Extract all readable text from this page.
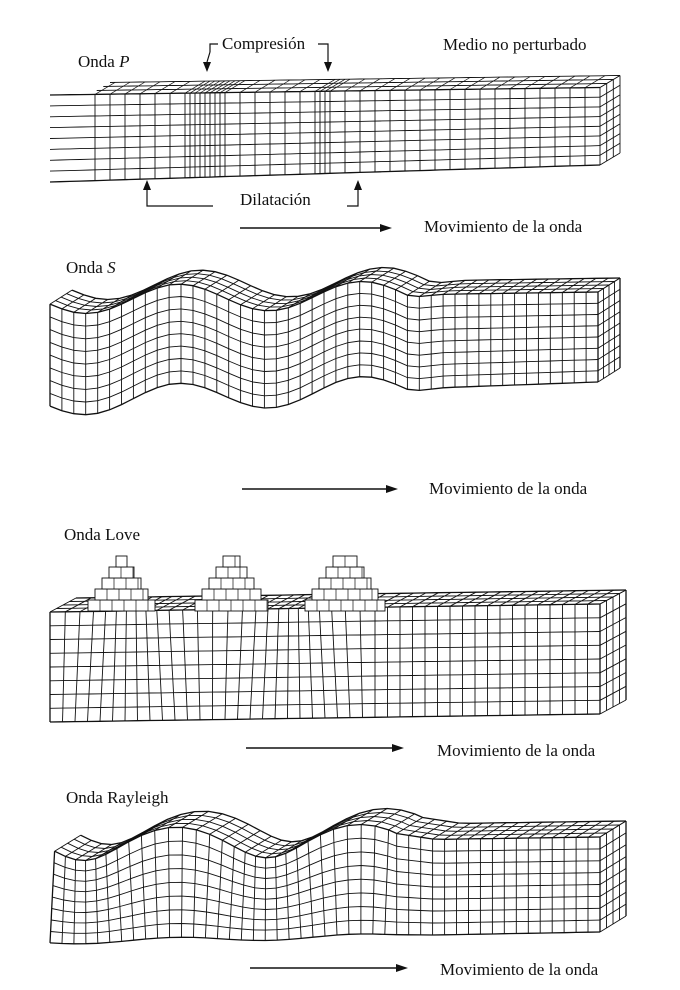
Onda P
Compresión	Medio no perturbado
Dilatación
Movimiento de la onda
Onda S
Movimiento de la onda
Onda Love
Movimiento de la onda
Onda Rayleigh
Movimiento de la onda
